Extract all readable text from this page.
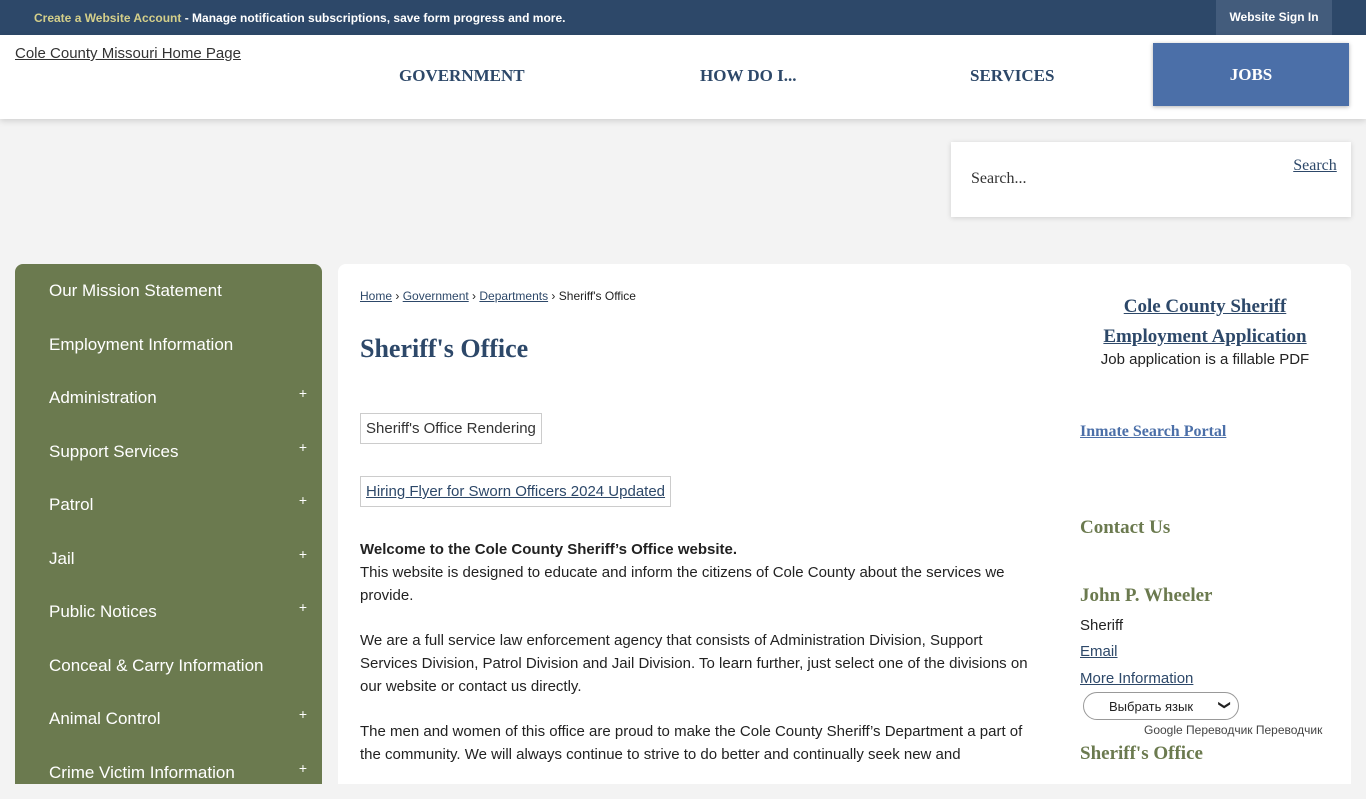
Create a Website Account - Manage notification subscriptions, save form progress and more.	Website Sign In
Cole County Missouri Home Page
GOVERNMENT	HOW DO I...	SERVICES	JOBS
Search...
Search
Our Mission Statement
Employment Information
Administration	+
Support Services	+
Patrol	+
Jail	+
Public Notices	+
Conceal & Carry Information
Animal Control	+
Crime Victim Information	+
Home › Government › Departments › Sheriff's Office
Sheriff's Office
Sheriff's Office Rendering
Hiring Flyer for Sworn Officers 2024 Updated

Welcome to the Cole County Sheriff’s Office website.
This website is designed to educate and inform the citizens of Cole County about the services we provide.

We are a full service law enforcement agency that consists of Administration Division, Support Services Division, Patrol Division and Jail Division. To learn further, just select one of the divisions on our website or contact us directly.

The men and women of this office are proud to make the Cole County Sheriff’s Department a part of the community. We will always continue to strive to do better and continually seek new and

Cole County Sheriff Employment Application
Job application is a fillable PDF
Inmate Search Portal
Contact Us
John P. Wheeler
Sheriff
Email
More Information
Sheriff's Office
Выбрать язык ❯
Google Переводчик Переводчик
